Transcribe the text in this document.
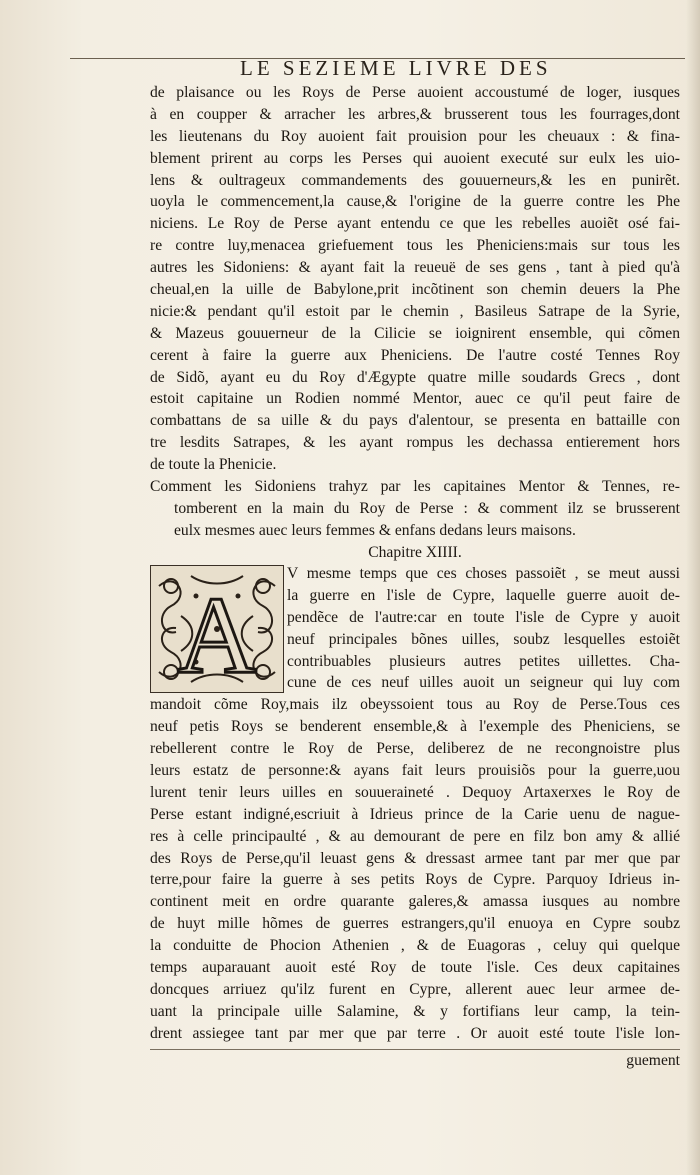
LE SEZIEME LIVRE DES
de plaisance ou les Roys de Perse auoient accoustumé de loger, iusques
à en coupper & arracher les arbres,& brusserent tous les fourrages,dont
les lieutenans du Roy auoient fait prouision pour les cheuaux : & fina-
blement prirent au corps les Perses qui auoient executé sur eulx les uio-
lens & oultrageux commandements des gouuerneurs,& les en punirẽt.
uoyla le commencement,la cause,& l'origine de la guerre contre les Phe
niciens. Le Roy de Perse ayant entendu ce que les rebelles auoiẽt osé fai-
re contre luy,menacea griefuement tous les Pheniciens:mais sur tous les
autres les Sidoniens: & ayant fait la reueuë de ses gens , tant à pied qu'à
cheual,en la uille de Babylone,prit incõtinent son chemin deuers la Phe
nicie:& pendant qu'il estoit par le chemin , Basileus Satrape de la Syrie,
& Mazeus gouuerneur de la Cilicie se ioignirent ensemble, qui cõmen
cerent à faire la guerre aux Pheniciens. De l'autre costé Tennes Roy
de Sidõ, ayant eu du Roy d'Ægypte quatre mille soudards Grecs , dont
estoit capitaine un Rodien nommé Mentor, auec ce qu'il peut faire de
combattans de sa uille & du pays d'alentour, se presenta en battaille con
tre lesdits Satrapes, & les ayant rompus les dechassa entierement hors
de toute la Phenicie.
Comment les Sidoniens trahyz par les capitaines Mentor & Tennes, re-
tomberent en la main du Roy de Perse : & comment ilz se brusserent
eulx mesmes auec leurs femmes & enfans dedans leurs maisons.
Chapitre XIIII.
A
V mesme temps que ces choses passoiẽt , se meut aussi
la guerre en l'isle de Cypre, laquelle guerre auoit de-
pendẽce de l'autre:car en toute l'isle de Cypre y auoit
neuf principales bõnes uilles, soubz lesquelles estoiẽt
contribuables plusieurs autres petites uillettes. Cha-
cune de ces neuf uilles auoit un seigneur qui luy com
mandoit cõme Roy,mais ilz obeyssoient tous au Roy de Perse.Tous ces
neuf petis Roys se benderent ensemble,& à l'exemple des Pheniciens, se
rebellerent contre le Roy de Perse, deliberez de ne recongnoistre plus
leurs estatz de personne:& ayans fait leurs prouisiõs pour la guerre,uou
lurent tenir leurs uilles en souueraineté . Dequoy Artaxerxes le Roy de
Perse estant indigné,escriuit à Idrieus prince de la Carie uenu de nague-
res à celle principaulté , & au demourant de pere en filz bon amy & allié
des Roys de Perse,qu'il leuast gens & dressast armee tant par mer que par
terre,pour faire la guerre à ses petits Roys de Cypre. Parquoy Idrieus in-
continent meit en ordre quarante galeres,& amassa iusques au nombre
de huyt mille hõmes de guerres estrangers,qu'il enuoya en Cypre soubz
la conduitte de Phocion Athenien , & de Euagoras , celuy qui quelque
temps auparauant auoit esté Roy de toute l'isle. Ces deux capitaines
doncques arriuez qu'ilz furent en Cypre, allerent auec leur armee de-
uant la principale uille Salamine, & y fortifians leur camp, la tein-
drent assiegee tant par mer que par terre . Or auoit esté toute l'isle lon-
guement
